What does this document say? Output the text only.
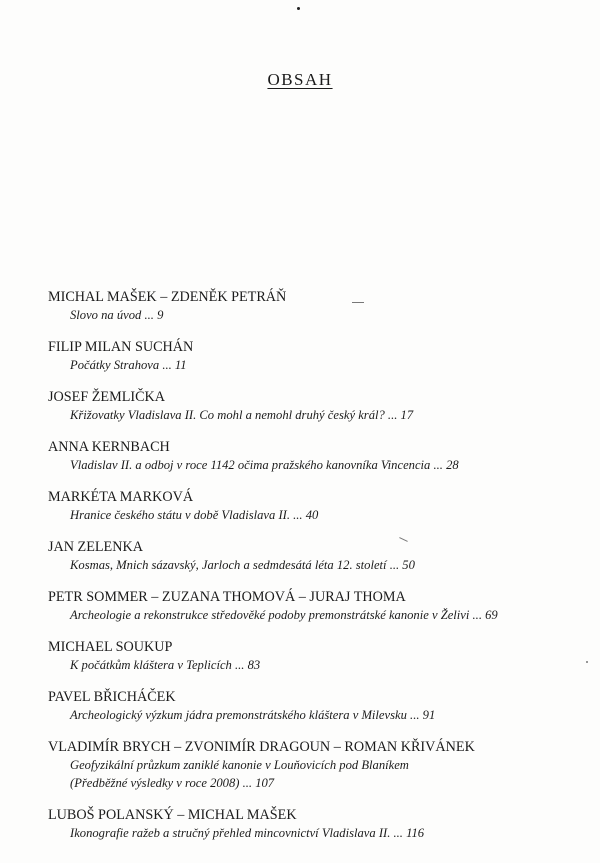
OBSAH
MICHAL MAŠEK – ZDENĚK PETRÁŇ
Slovo na úvod ... 9
FILIP MILAN SUCHÁN
Počátky Strahova ... 11
JOSEF ŽEMLIČKA
Křižovatky Vladislava II. Co mohl a nemohl druhý český král? ... 17
ANNA KERNBACH
Vladislav II. a odboj v roce 1142 očima pražského kanovníka Vincencia ... 28
MARKÉTA MARKOVÁ
Hranice českého státu v době Vladislava II. ... 40
JAN ZELENKA
Kosmas, Mnich sázavský, Jarloch a sedmdesátá léta 12. století ... 50
PETR SOMMER – ZUZANA THOMOVÁ – JURAJ THOMA
Archeologie a rekonstrukce středověké podoby premonstrátské kanonie v Želivi ... 69
MICHAEL SOUKUP
K počátkům kláštera v Teplicích ... 83
PAVEL BŘICHÁČEK
Archeologický výzkum jádra premonstrátského kláštera v Milevsku ... 91
VLADIMÍR BRYCH – ZVONIMÍR DRAGOUN – ROMAN KŘIVÁNEK
Geofyzikální průzkum zaniklé kanonie v Louňovicích pod Blaníkem
(Předběžné výsledky v roce 2008) ... 107
LUBOŠ POLANSKÝ – MICHAL MAŠEK
Ikonografie ražeb a stručný přehled mincovnictví Vladislava II. ... 116
